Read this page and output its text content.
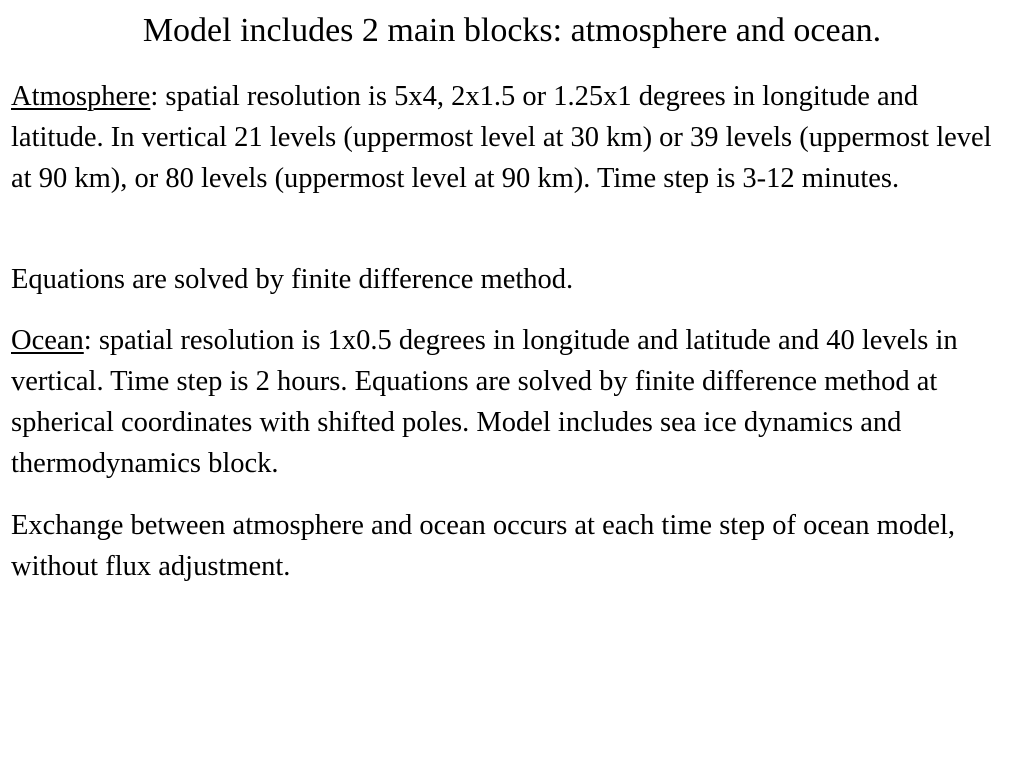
Model includes 2 main blocks: atmosphere and ocean.

Atmosphere: spatial resolution is 5x4, 2x1.5 or 1.25x1 degrees in longitude and latitude. In vertical 21 levels (uppermost level at 30 km) or 39 levels (uppermost level at 90 km), or 80 levels (uppermost level at 90 km). Time step is 3-12 minutes.

Equations are solved by finite difference method.

Ocean: spatial resolution is 1x0.5 degrees in longitude and latitude and 40 levels in vertical. Time step is 2 hours. Equations are solved by finite difference method at spherical coordinates with shifted poles. Model includes sea ice dynamics and thermodynamics block.

Exchange between atmosphere and ocean occurs at each time step of ocean model, without flux adjustment.
